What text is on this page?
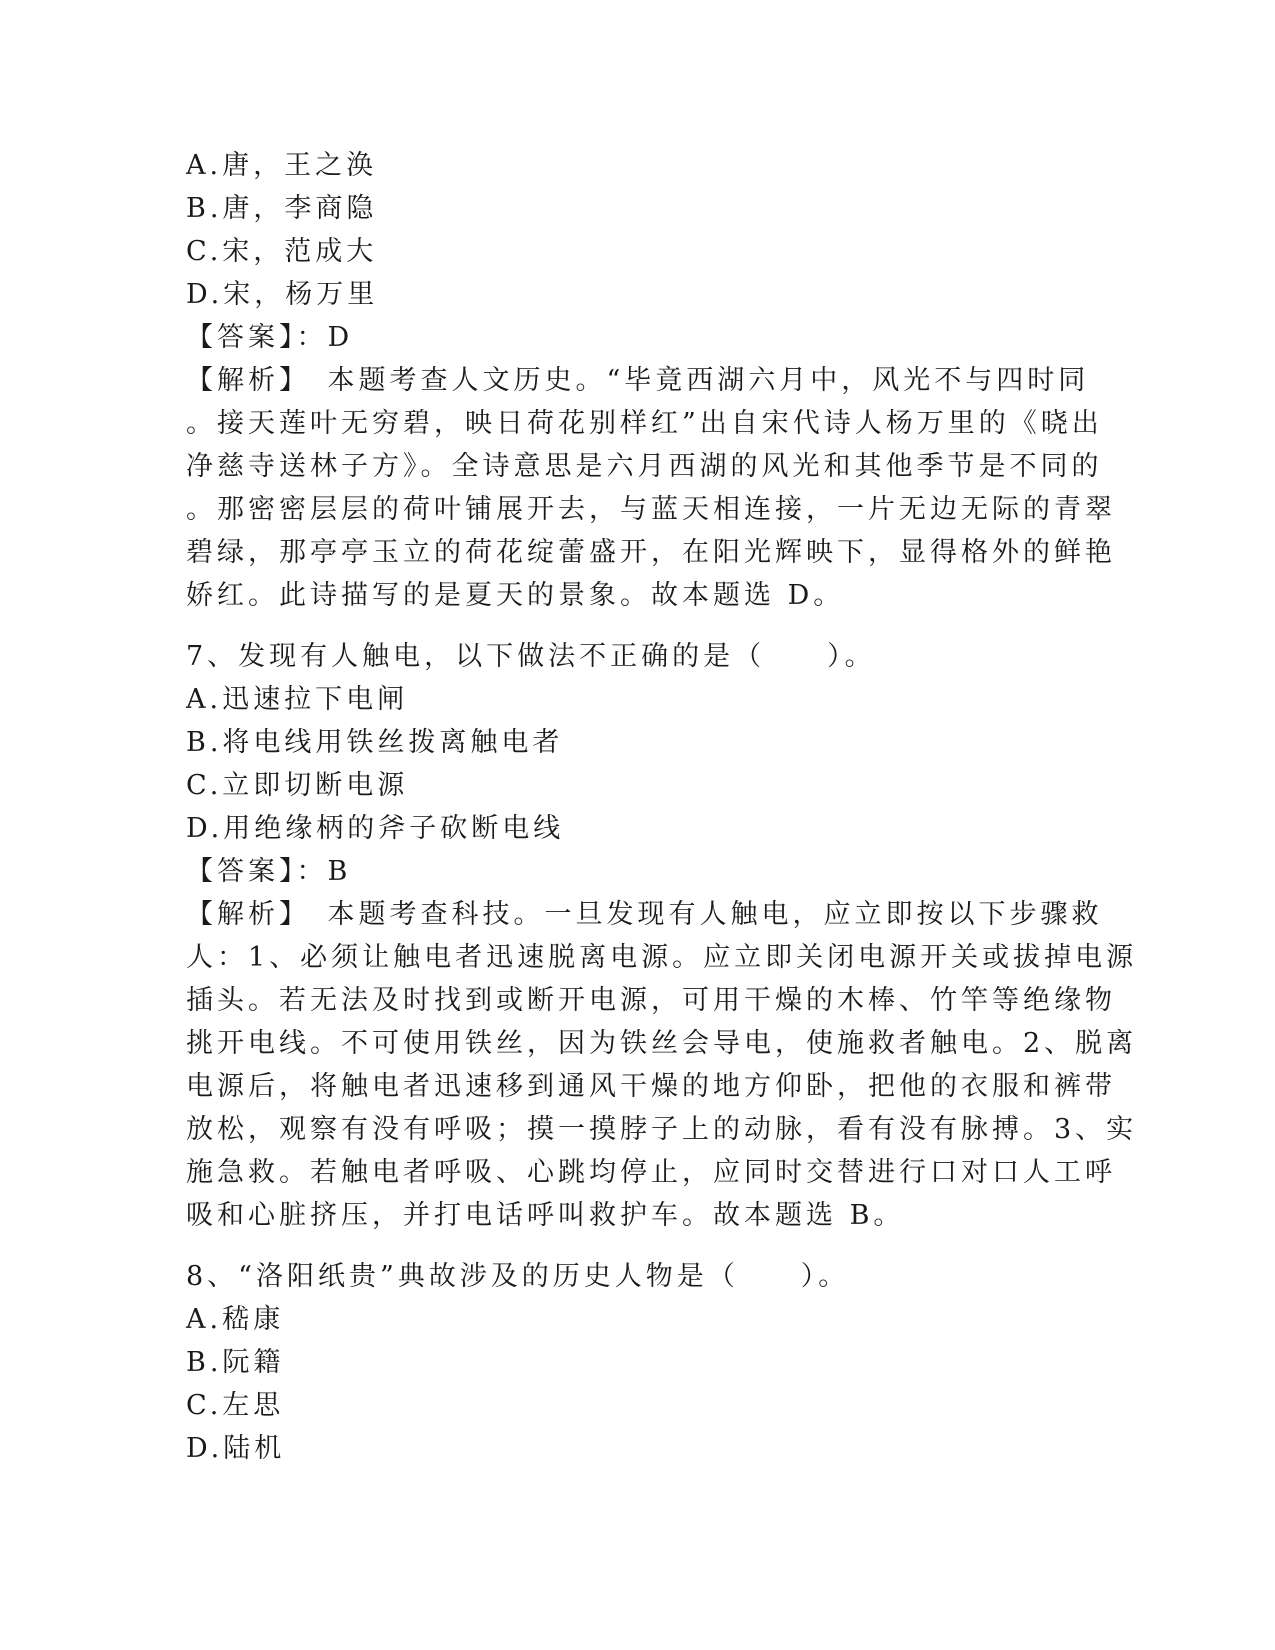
A.唐，王之涣
B.唐，李商隐
C.宋，范成大
D.宋，杨万里
【答案】：D
【解析】　本题考查人文历史。“毕竟西湖六月中，风光不与四时同
。接天莲叶无穷碧，映日荷花别样红”出自宋代诗人杨万里的《晓出
净慈寺送林子方》。全诗意思是六月西湖的风光和其他季节是不同的
。那密密层层的荷叶铺展开去，与蓝天相连接，一片无边无际的青翠
碧绿，那亭亭玉立的荷花绽蕾盛开，在阳光辉映下，显得格外的鲜艳
娇红。此诗描写的是夏天的景象。故本题选 D。
7、发现有人触电，以下做法不正确的是（　　）。
A.迅速拉下电闸
B.将电线用铁丝拨离触电者
C.立即切断电源
D.用绝缘柄的斧子砍断电线
【答案】：B
【解析】　本题考查科技。一旦发现有人触电，应立即按以下步骤救
人：1、必须让触电者迅速脱离电源。应立即关闭电源开关或拔掉电源
插头。若无法及时找到或断开电源，可用干燥的木棒、竹竿等绝缘物
挑开电线。不可使用铁丝，因为铁丝会导电，使施救者触电。2、脱离
电源后，将触电者迅速移到通风干燥的地方仰卧，把他的衣服和裤带
放松，观察有没有呼吸；摸一摸脖子上的动脉，看有没有脉搏。3、实
施急救。若触电者呼吸、心跳均停止，应同时交替进行口对口人工呼
吸和心脏挤压，并打电话呼叫救护车。故本题选 B。
8、“洛阳纸贵”典故涉及的历史人物是（　　）。
A.嵇康
B.阮籍
C.左思
D.陆机
